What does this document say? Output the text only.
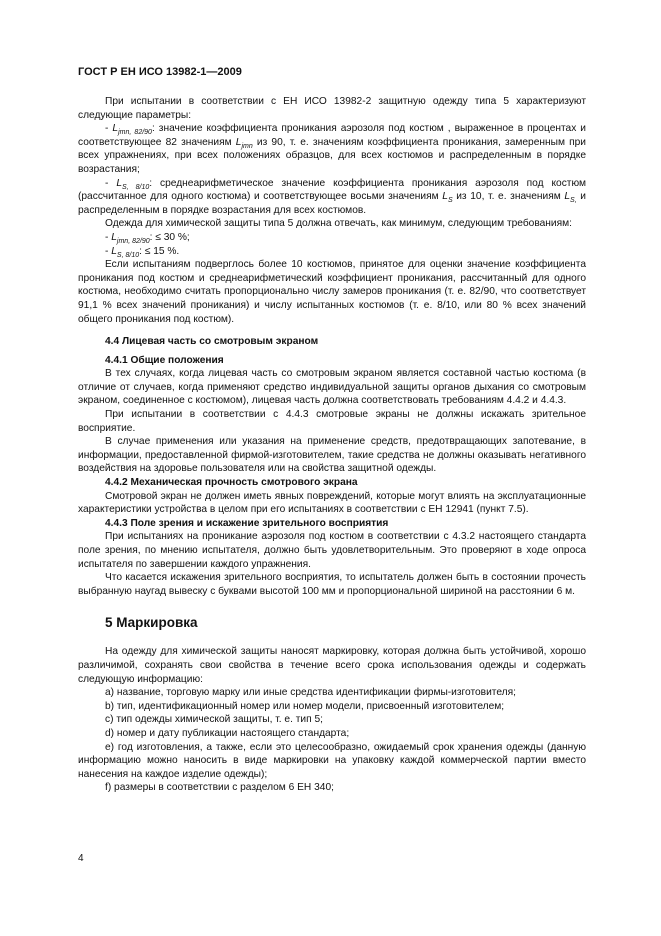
ГОСТ Р ЕН ИСО 13982-1—2009

При испытании в соответствии с ЕН ИСО 13982-2 защитную одежду типа 5 характеризуют следующие параметры:

- $L_{jmn, 82/90}$: значение коэффициента проникания аэрозоля под костюм , выраженное в процентах и соответствующее 82 значениям $L_{jmn}$ из 90, т. е. значениям коэффициента проникания, замеренным при всех упражнениях, при всех положениях образцов, для всех костюмов и распределенным в порядке возрастания;

- $L_{S, 8/10}$: среднеарифметическое значение коэффициента проникания аэрозоля под костюм (рассчитанное для одного костюма) и соответствующее восьми значениям $L_S$ из 10, т. е. значениям $L_{S,}$ и распределенным в порядке возрастания для всех костюмов.

Одежда для химической защиты типа 5 должна отвечать, как минимум, следующим требованиям:

- $L_{jmn, 82/90}$: ≤ 30 %;

- $L_{S, 8/10}$: ≤ 15 %.

Если испытаниям подверглось более 10 костюмов, принятое для оценки значение коэффициента проникания под костюм и среднеарифметический коэффициент проникания, рассчитанный для одного костюма, необходимо считать пропорционально числу замеров проникания (т. е. 82/90, что соответствует 91,1 % всех значений проникания) и числу испытанных костюмов (т. е. 8/10, или 80 % всех значений общего проникания под костюм).

4.4 Лицевая часть со смотровым экраном

4.4.1 Общие положения

В тех случаях, когда лицевая часть со смотровым экраном является составной частью костюма (в отличие от случаев, когда применяют средство индивидуальной защиты органов дыхания со смотровым экраном, соединенное с костюмом), лицевая часть должна соответствовать требованиям 4.4.2 и 4.4.3.

При испытании в соответствии с 4.4.3 смотровые экраны не должны искажать зрительное восприятие.

В случае применения или указания на применение средств, предотвращающих запотевание, в информации, предоставленной фирмой-изготовителем, такие средства не должны оказывать негативного воздействия на здоровье пользователя или на свойства защитной одежды.

4.4.2 Механическая прочность смотрового экрана

Смотровой экран не должен иметь явных повреждений, которые могут влиять на эксплуатационные характеристики устройства в целом при его испытаниях в соответствии с ЕН 12941 (пункт 7.5).

4.4.3 Поле зрения и искажение зрительного восприятия

При испытаниях на проникание аэрозоля под костюм в соответствии с 4.3.2 настоящего стандарта поле зрения, по мнению испытателя, должно быть удовлетворительным. Это проверяют в ходе опроса испытателя по завершении каждого упражнения.

Что касается искажения зрительного восприятия, то испытатель должен быть в состоянии прочесть выбранную наугад вывеску с буквами высотой 100 мм и пропорциональной шириной на расстоянии 6 м.

5 Маркировка

На одежду для химической защиты наносят маркировку, которая должна быть устойчивой, хорошо различимой, сохранять свои свойства в течение всего срока использования одежды и содержать следующую информацию:

a) название, торговую марку или иные средства идентификации фирмы-изготовителя;

b) тип, идентификационный номер или номер модели, присвоенный изготовителем;

c) тип одежды химической защиты, т. е. тип 5;

d) номер и дату публикации настоящего стандарта;

e) год изготовления, а также, если это целесообразно, ожидаемый срок хранения одежды (данную информацию можно наносить в виде маркировки на упаковку каждой коммерческой партии вместо нанесения на каждое изделие одежды);

f) размеры в соответствии с разделом 6 ЕН 340;

4
